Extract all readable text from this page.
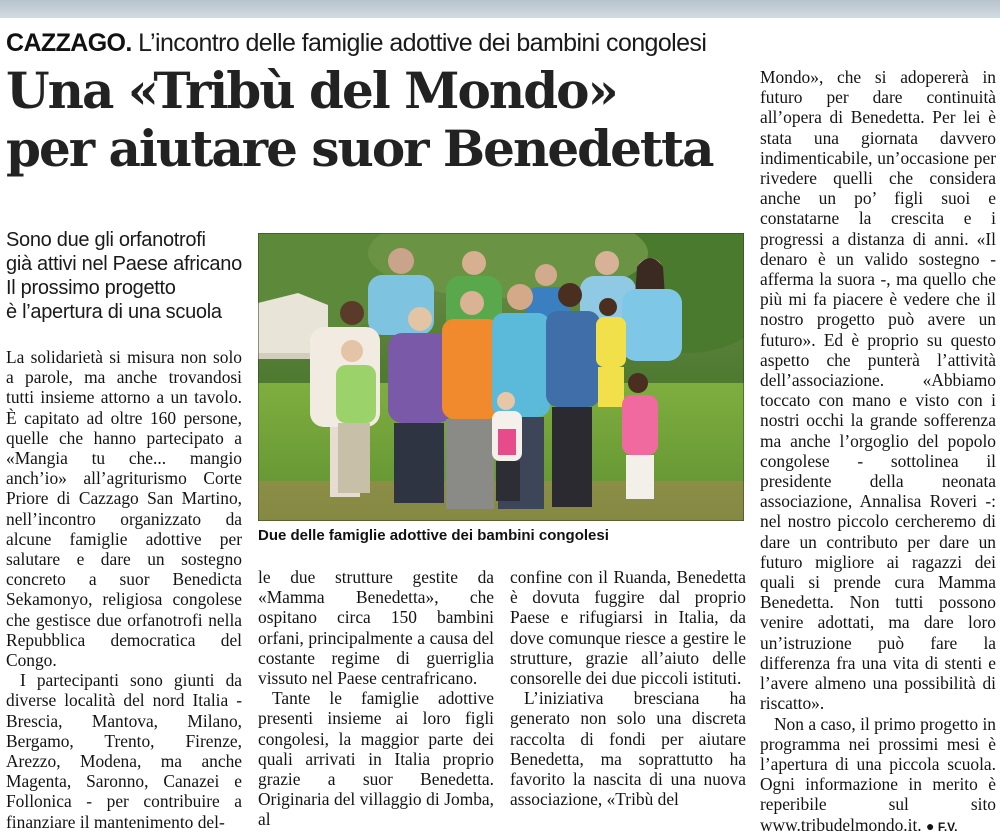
CAZZAGO. L’incontro delle famiglie adottive dei bambini congolesi
Una «Tribù del Mondo»
per aiutare suor Benedetta
Sono due gli orfanotrofi
già attivi nel Paese africano
Il prossimo progetto
è l’apertura di una scuola

La solidarietà si misura non solo a parole, ma anche trovandosi tutti insieme attorno a un tavolo. È capitato ad oltre 160 persone, quelle che hanno partecipato a «Mangia tu che... mangio anch’io» all’agriturismo Corte Priore di Cazzago San Martino, nell’incontro organizzato da alcune famiglie adottive per salutare e dare un sostegno concreto a suor Benedicta Sekamonyo, religiosa congolese che gestisce due orfanotrofi nella Repubblica democratica del Congo.

I partecipanti sono giunti da diverse località del nord Italia - Brescia, Mantova, Milano, Bergamo, Trento, Firenze, Arezzo, Modena, ma anche Magenta, Saronno, Canazei e Follonica - per contribuire a finanziare il mantenimento del-

Due delle famiglie adottive dei bambini congolesi

le due strutture gestite da «Mamma Benedetta», che ospitano circa 150 bambini orfani, principalmente a causa del costante regime di guerriglia vissuto nel Paese centrafricano.

Tante le famiglie adottive presenti insieme ai loro figli congolesi, la maggior parte dei quali arrivati in Italia proprio grazie a suor Benedetta. Originaria del villaggio di Jomba, al

confine con il Ruanda, Benedetta è dovuta fuggire dal proprio Paese e rifugiarsi in Italia, da dove comunque riesce a gestire le strutture, grazie all’aiuto delle consorelle dei due piccoli istituti.

L’iniziativa bresciana ha generato non solo una discreta raccolta di fondi per aiutare Benedetta, ma soprattutto ha favorito la nascita di una nuova associazione, «Tribù del

Mondo», che si adopererà in futuro per dare continuità all’opera di Benedetta. Per lei è stata una giornata davvero indimenticabile, un’occasione per rivedere quelli che considera anche un po’ figli suoi e constatarne la crescita e i progressi a distanza di anni. «Il denaro è un valido sostegno - afferma la suora -, ma quello che più mi fa piacere è vedere che il nostro progetto può avere un futuro». Ed è proprio su questo aspetto che punterà l’attività dell’associazione. «Abbiamo toccato con mano e visto con i nostri occhi la grande sofferenza ma anche l’orgoglio del popolo congolese - sottolinea il presidente della neonata associazione, Annalisa Roveri -: nel nostro piccolo cercheremo di dare un contributo per dare un futuro migliore ai ragazzi dei quali si prende cura Mamma Benedetta. Non tutti possono venire adottati, ma dare loro un’istruzione può fare la differenza fra una vita di stenti e l’avere almeno una possibilità di riscatto».

Non a caso, il primo progetto in programma nei prossimi mesi è l’apertura di una piccola scuola. Ogni informazione in merito è reperibile sul sito www.tribudelmondo.it. ● F.V.
